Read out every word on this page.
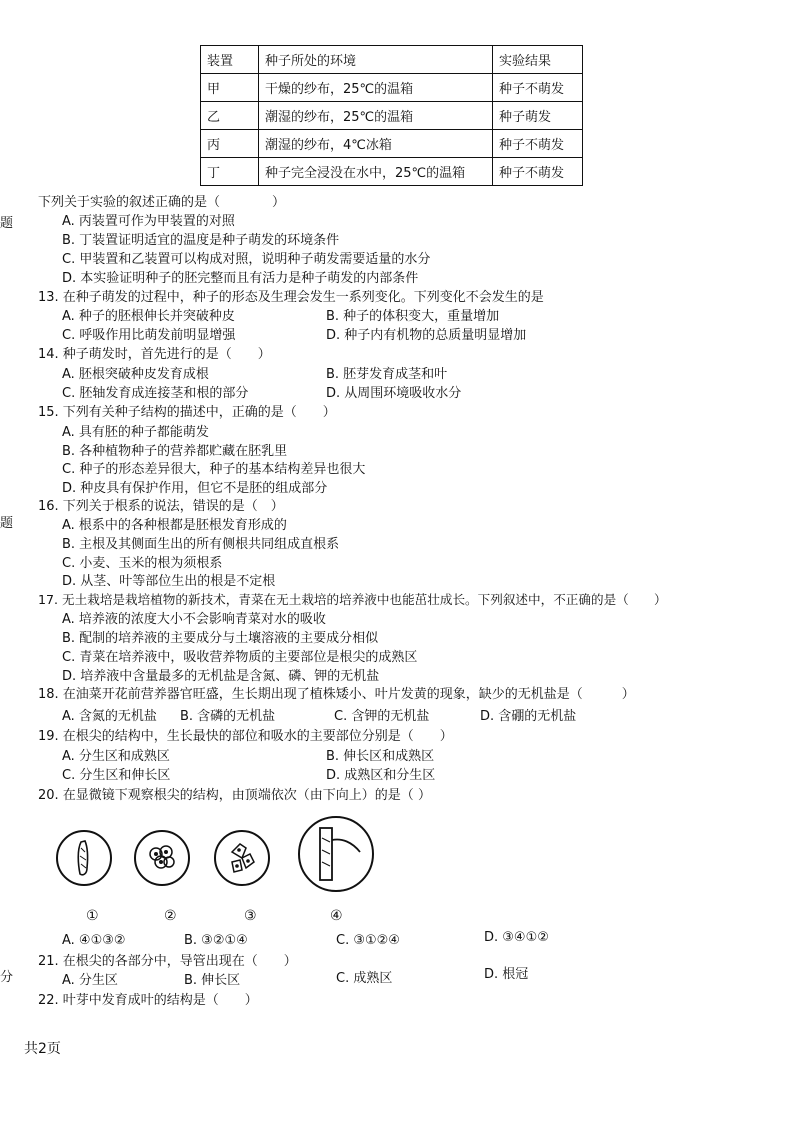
装置	种子所处的环境	实验结果
甲	干燥的纱布，25℃的温箱	种子不萌发
乙	潮湿的纱布，25℃的温箱	种子萌发
丙	潮湿的纱布，4℃冰箱	种子不萌发
丁	种子完全浸没在水中，25℃的温箱	种子不萌发
题
题
分
下列关于实验的叙述正确的是（　　　　）
A. 丙装置可作为甲装置的对照
B. 丁装置证明适宜的温度是种子萌发的环境条件
C. 甲装置和乙装置可以构成对照，说明种子萌发需要适量的水分
D. 本实验证明种子的胚完整而且有活力是种子萌发的内部条件
13. 在种子萌发的过程中，种子的形态及生理会发生一系列变化。下列变化不会发生的是
A. 种子的胚根伸长并突破种皮	B. 种子的体积变大，重量增加
C. 呼吸作用比萌发前明显增强	D. 种子内有机物的总质量明显增加
14. 种子萌发时，首先进行的是（　　）
A. 胚根突破种皮发育成根	B. 胚芽发育成茎和叶
C. 胚轴发育成连接茎和根的部分	D. 从周围环境吸收水分
15. 下列有关种子结构的描述中，正确的是（　　）
A. 具有胚的种子都能萌发
B. 各种植物种子的营养都贮藏在胚乳里
C. 种子的形态差异很大，种子的基本结构差异也很大
D. 种皮具有保护作用，但它不是胚的组成部分
16. 下列关于根系的说法，错误的是（　）
A. 根系中的各种根都是胚根发育形成的
B. 主根及其侧面生出的所有侧根共同组成直根系
C. 小麦、玉米的根为须根系
D. 从茎、叶等部位生出的根是不定根
17. 无土栽培是栽培植物的新技术，青菜在无土栽培的培养液中也能茁壮成长。下列叙述中，不正确的是（　　）
A. 培养液的浓度大小不会影响青菜对水的吸收
B. 配制的培养液的主要成分与土壤溶液的主要成分相似
C. 青菜在培养液中，吸收营养物质的主要部位是根尖的成熟区
D. 培养液中含量最多的无机盐是含氮、磷、钾的无机盐
18. 在油菜开花前营养器官旺盛，生长期出现了植株矮小、叶片发黄的现象，缺少的无机盐是（　　　）
A. 含氮的无机盐 B. 含磷的无机盐	C. 含钾的无机盐	D. 含硼的无机盐
19. 在根尖的结构中，生长最快的部位和吸水的主要部位分别是（　　）
A. 分生区和成熟区	B. 伸长区和成熟区
C. 分生区和伸长区	D. 成熟区和分生区
20. 在显微镜下观察根尖的结构，由顶端依次（由下向上）的是（ ）
①	②	③	④
A. ④①③②	B. ③②①④	C. ③①②④	D. ③④①②
21. 在根尖的各部分中，导管出现在（　　）
A. 分生区	B. 伸长区	C. 成熟区	D. 根冠
22. 叶芽中发育成叶的结构是（　　）
共2页
